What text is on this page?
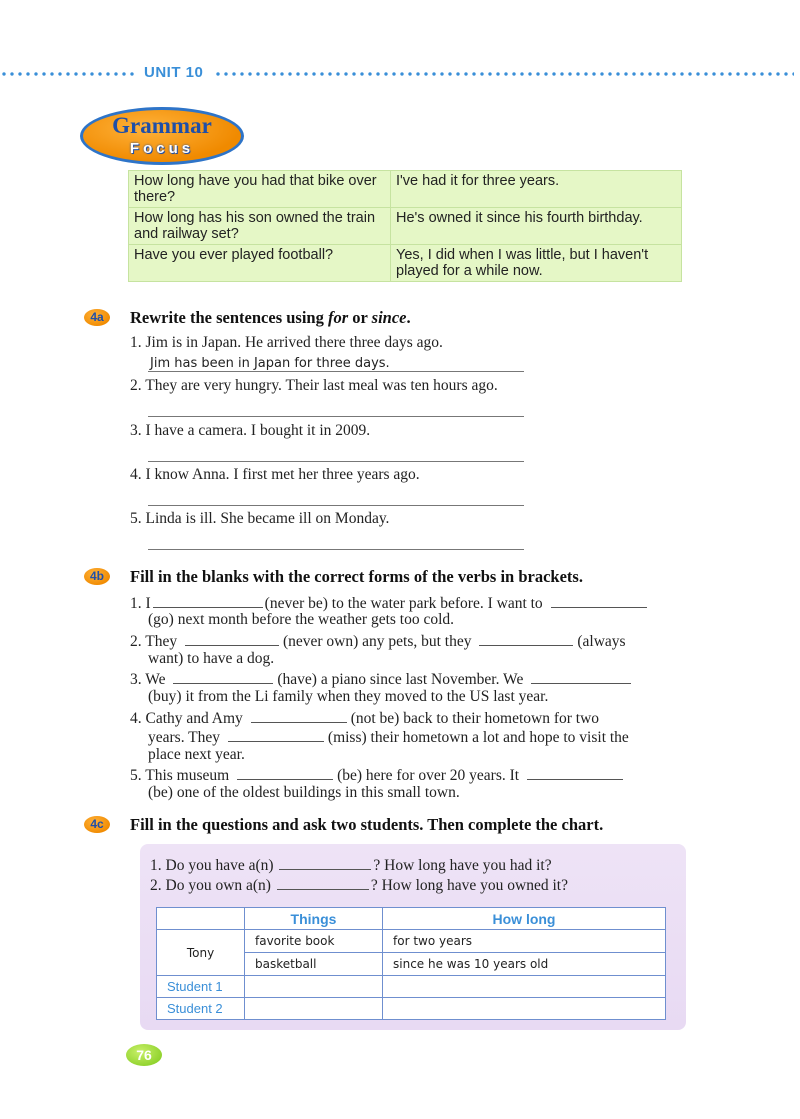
UNIT 10
Grammar
Focus
How long have you had that bike over there?	I've had it for three years.
How long has his son owned the train and railway set?	He's owned it since his fourth birthday.
Have you ever played football?	Yes, I did when I was little, but I haven't played for a while now.
4a	Rewrite the sentences using for or since.
1. Jim is in Japan. He arrived there three days ago.
Jim has been in Japan for three days.
2. They are very hungry. Their last meal was ten hours ago.
3. I have a camera. I bought it in 2009.
4. I know Anna. I first met her three years ago.
5. Linda is ill. She became ill on Monday.
4b	Fill in the blanks with the correct forms of the verbs in brackets.
1. I	(never be) to the water park before. I want to
(go) next month before the weather gets too cold.
2. They	(never own) any pets, but they	(always
want) to have a dog.
3. We	(have) a piano since last November. We
(buy) it from the Li family when they moved to the US last year.
4. Cathy and Amy	(not be) back to their hometown for two
years. They	(miss) their hometown a lot and hope to visit the
place next year.
5. This museum	(be) here for over 20 years. It
(be) one of the oldest buildings in this small town.
4c	Fill in the questions and ask two students. Then complete the chart.
1. Do you have a(n)	? How long have you had it?
2. Do you own a(n)	? How long have you owned it?
	Things	How long
Tony	favorite book	for two years
	basketball	since he was 10 years old
Student 1		
Student 2		
76
